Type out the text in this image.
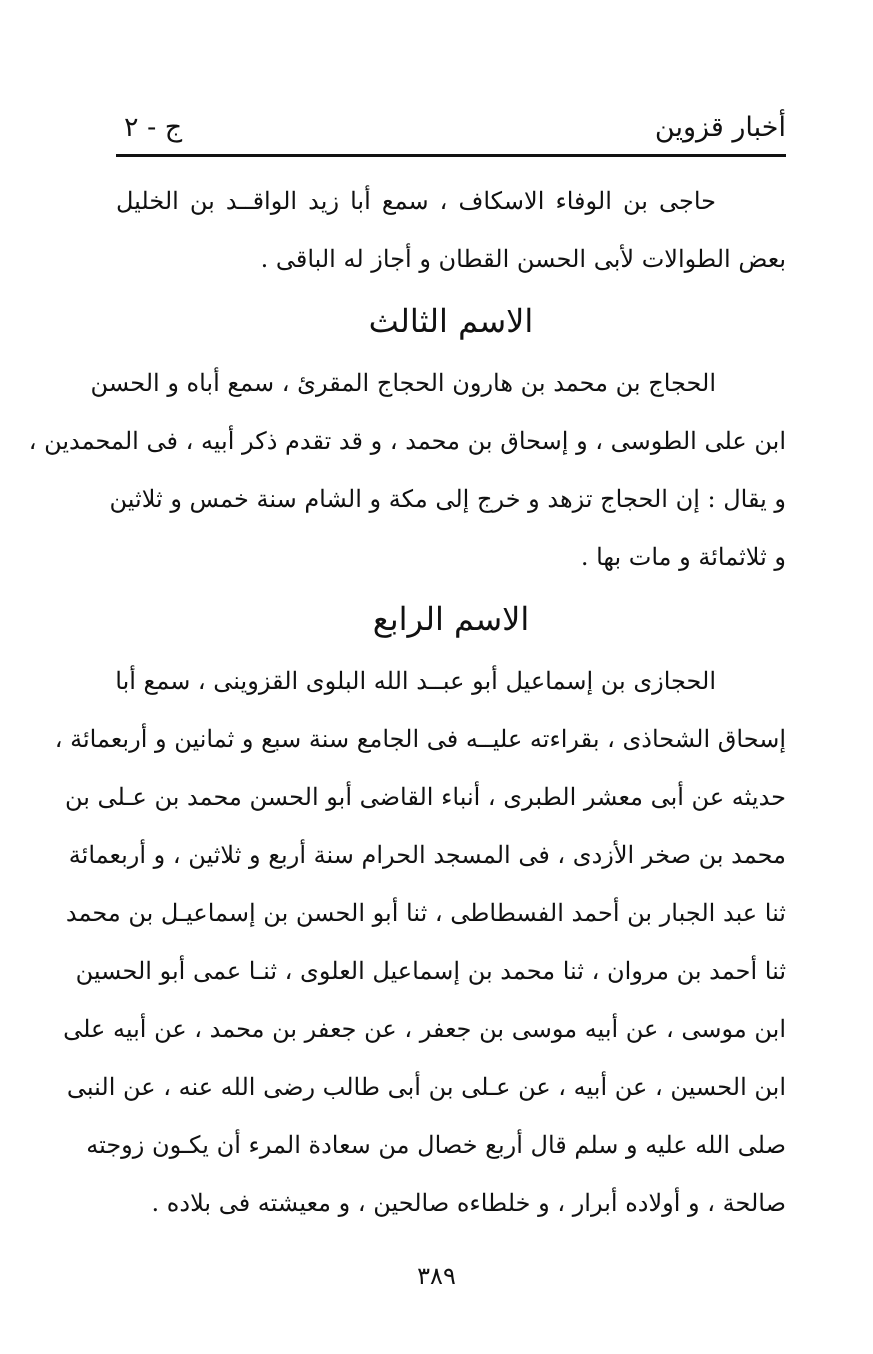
أخبار قزوين
ج - ٢
حاجى بن الوفاء الاسكاف ، سمع أبا زيد الواقــد بن الخليل
بعض الطوالات لأبى الحسن القطان و أجاز له الباقى .
الاسم الثالث
الحجاج بن محمد بن هارون الحجاج المقرئ ، سمع أباه و الحسن
ابن على الطوسى ، و إسحاق بن محمد ، و قد تقدم ذكر أبيه ، فى المحمدين ،
و يقال : إن الحجاج تزهد و خرج إلى مكة و الشام سنة خمس و ثلاثين
و ثلاثمائة و مات بها .
الاسم الرابع
الحجازى بن إسماعيل أبو عبــد الله البلوى القزوينى ، سمع أبا
إسحاق الشحاذى ، بقراءته عليــه فى الجامع سنة سبع و ثمانين و أربعمائة ،
حديثه عن أبى معشر الطبرى ، أنباء القاضى أبو الحسن محمد بن عـلى بن
محمد بن صخر الأزدى ، فى المسجد الحرام سنة أربع و ثلاثين ، و أربعمائة
ثنا عبد الجبار بن أحمد الفسطاطى ، ثنا أبو الحسن بن إسماعيـل بن محمد
ثنا أحمد بن مروان ، ثنا محمد بن إسماعيل العلوى ، ثنـا عمى أبو الحسين
ابن موسى ، عن أبيه موسى بن جعفر ، عن جعفر بن محمد ، عن أبيه على
ابن الحسين ، عن أبيه ، عن عـلى بن أبى طالب رضى الله عنه ، عن النبى
صلى الله عليه و سلم قال أربع خصال من سعادة المرء أن يكـون زوجته
صالحة ، و أولاده أبرار ، و خلطاءه صالحين ، و معيشته فى بلاده .
٣٨٩
